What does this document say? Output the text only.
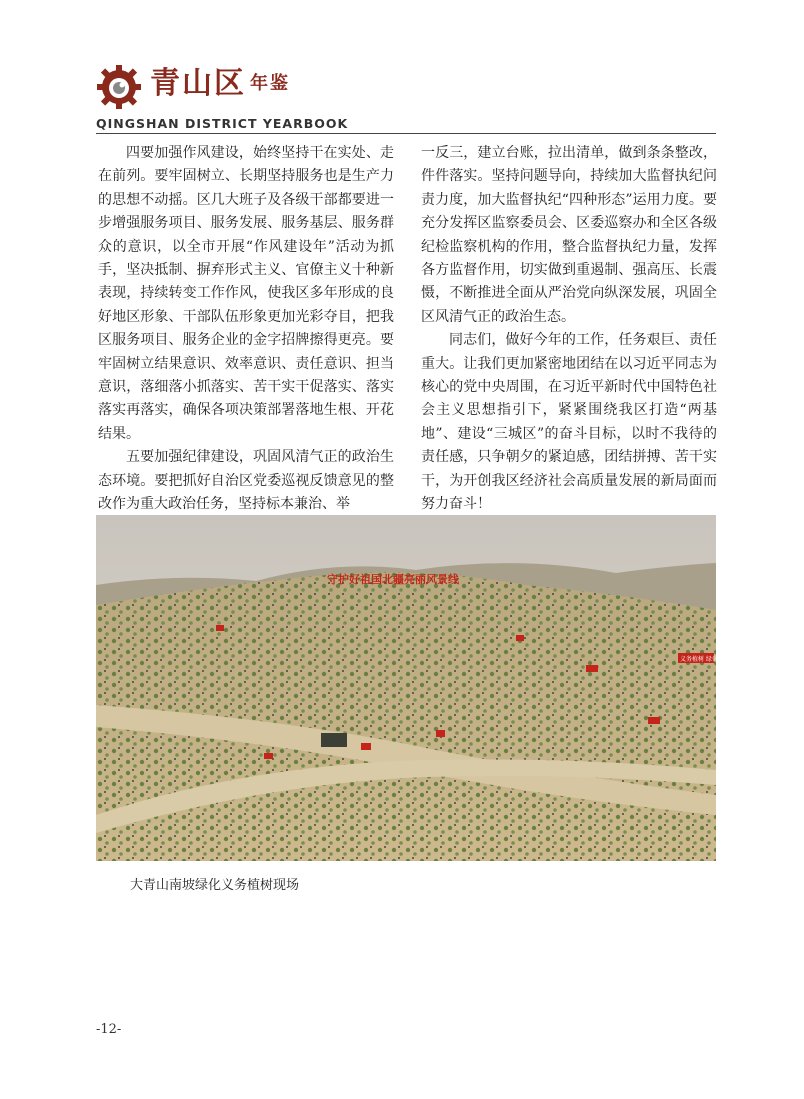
青山区 年鉴
QINGSHAN DISTRICT YEARBOOK

四要加强作风建设，始终坚持干在实处、走在前列。要牢固树立、长期坚持服务也是生产力的思想不动摇。区几大班子及各级干部都要进一步增强服务项目、服务发展、服务基层、服务群众的意识，以全市开展“作风建设年”活动为抓手，坚决抵制、摒弃形式主义、官僚主义十种新表现，持续转变工作作风，使我区多年形成的良好地区形象、干部队伍形象更加光彩夺目，把我区服务项目、服务企业的金字招牌擦得更亮。要牢固树立结果意识、效率意识、责任意识、担当意识，落细落小抓落实、苦干实干促落实、落实落实再落实，确保各项决策部署落地生根、开花结果。

五要加强纪律建设，巩固风清气正的政治生态环境。要把抓好自治区党委巡视反馈意见的整改作为重大政治任务，坚持标本兼治、举

一反三，建立台账，拉出清单，做到条条整改，件件落实。坚持问题导向，持续加大监督执纪问责力度，加大监督执纪“四种形态”运用力度。要充分发挥区监察委员会、区委巡察办和全区各级纪检监察机构的作用，整合监督执纪力量，发挥各方监督作用，切实做到重遏制、强高压、长震慑，不断推进全面从严治党向纵深发展，巩固全区风清气正的政治生态。

同志们，做好今年的工作，任务艰巨、责任重大。让我们更加紧密地团结在以习近平同志为核心的党中央周围，在习近平新时代中国特色社会主义思想指引下，紧紧围绕我区打造“两基地”、建设“三城区”的奋斗目标，以时不我待的责任感，只争朝夕的紧迫感，团结拼搏、苦干实干，为开创我区经济社会高质量发展的新局面而努力奋斗！

守护好祖国北疆亮丽风景线
义务植树 绿化家园
大青山南坡绿化义务植树现场
-12-
